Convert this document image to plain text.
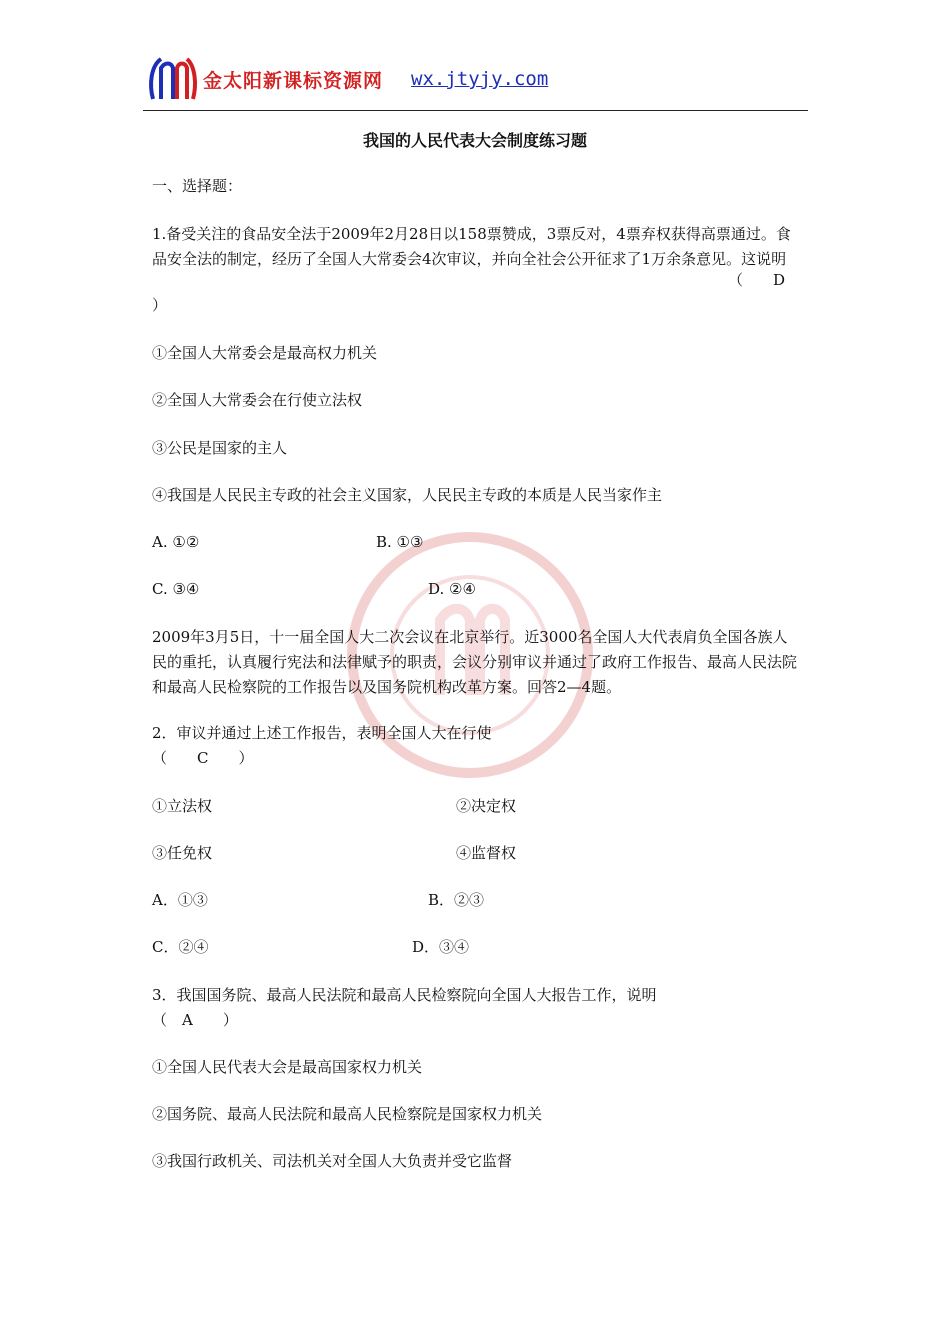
金太阳新课标资源网 wx.jtyjy.com
我国的人民代表大会制度练习题
一、选择题：
1.备受关注的食品安全法于2009年2月28日以158票赞成，3票反对，4票弃权获得高票通过。食品安全法的制定，经历了全国人大常委会4次审议，并向全社会公开征求了1万余条意见。这说明
（　　D
）
①全国人大常委会是最高权力机关
②全国人大常委会在行使立法权
③公民是国家的主人
④我国是人民民主专政的社会主义国家，人民民主专政的本质是人民当家作主
A. ①②	B. ①③
C. ③④	D. ②④
2009年3月5日，十一届全国人大二次会议在北京举行。近3000名全国人大代表肩负全国各族人民的重托，认真履行宪法和法律赋予的职责，会议分别审议并通过了政府工作报告、最高人民法院和最高人民检察院的工作报告以及国务院机构改革方案。回答2—4题。
2．审议并通过上述工作报告，表明全国人大在行使
（　　C　　）
①立法权	②决定权
③任免权	④监督权
A．①③	B．②③
C．②④	D．③④
3．我国国务院、最高人民法院和最高人民检察院向全国人大报告工作，说明
（　A　　）
①全国人民代表大会是最高国家权力机关
②国务院、最高人民法院和最高人民检察院是国家权力机关
③我国行政机关、司法机关对全国人大负责并受它监督
